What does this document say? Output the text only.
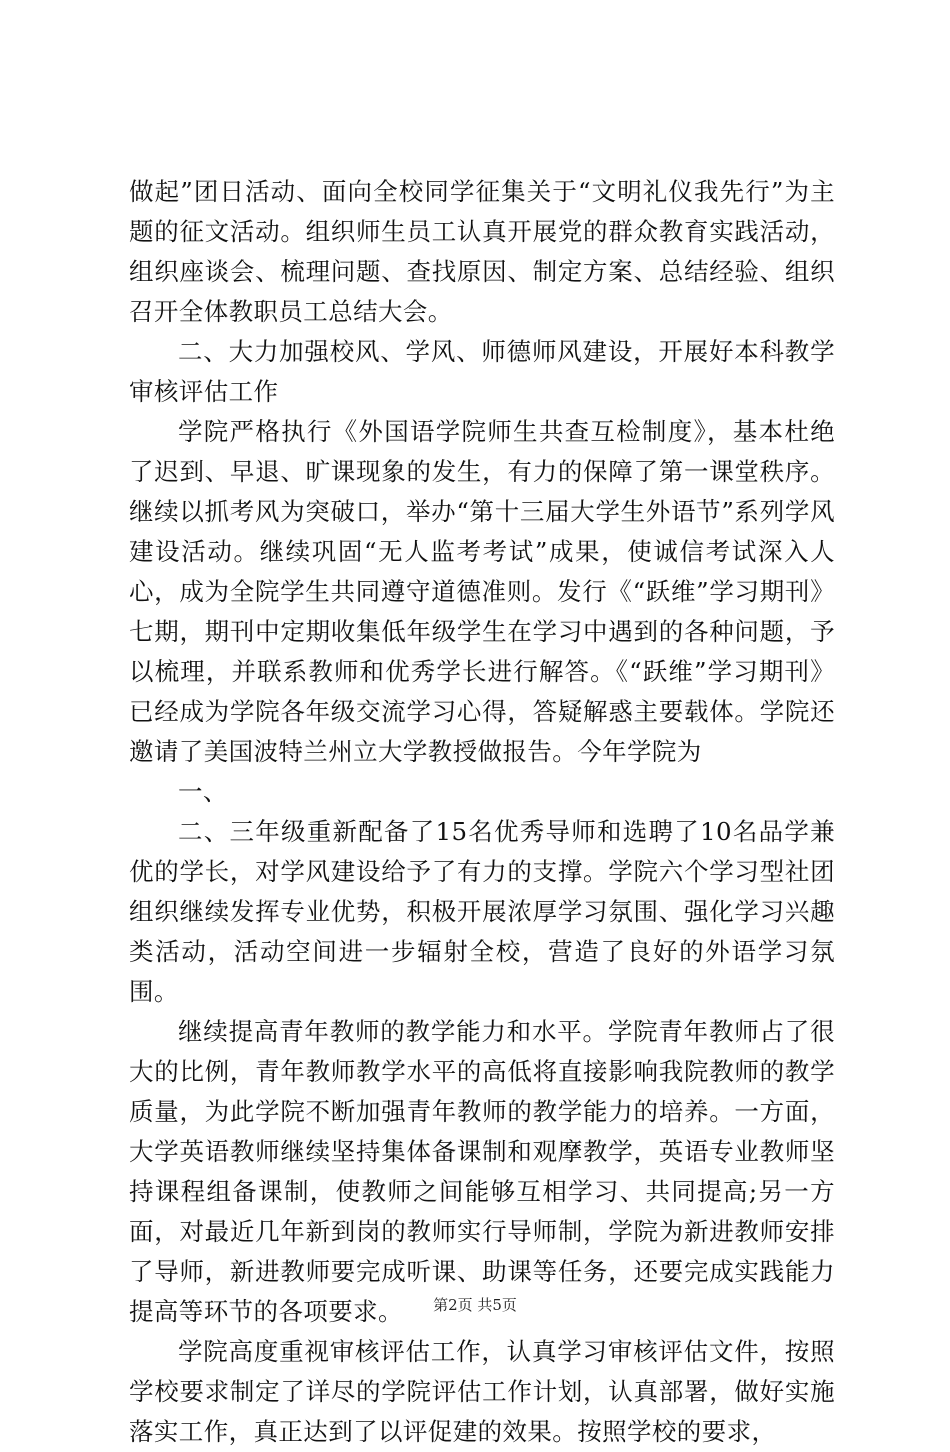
做起”团日活动、面向全校同学征集关于“文明礼仪我先行”为主题的征文活动。组织师生员工认真开展党的群众教育实践活动，组织座谈会、梳理问题、查找原因、制定方案、总结经验、组织召开全体教职员工总结大会。

二、大力加强校风、学风、师德师风建设，开展好本科教学审核评估工作

学院严格执行《外国语学院师生共查互检制度》，基本杜绝了迟到、早退、旷课现象的发生，有力的保障了第一课堂秩序。继续以抓考风为突破口，举办“第十三届大学生外语节”系列学风建设活动。继续巩固“无人监考考试”成果，使诚信考试深入人心，成为全院学生共同遵守道德准则。发行《“跃维”学习期刊》七期，期刊中定期收集低年级学生在学习中遇到的各种问题，予以梳理，并联系教师和优秀学长进行解答。《“跃维”学习期刊》已经成为学院各年级交流学习心得，答疑解惑主要载体。学院还邀请了美国波特兰州立大学教授做报告。今年学院为

一、

二、三年级重新配备了15名优秀导师和选聘了10名品学兼优的学长，对学风建设给予了有力的支撑。学院六个学习型社团组织继续发挥专业优势，积极开展浓厚学习氛围、强化学习兴趣类活动，活动空间进一步辐射全校，营造了良好的外语学习氛围。

继续提高青年教师的教学能力和水平。学院青年教师占了很大的比例，青年教师教学水平的高低将直接影响我院教师的教学质量，为此学院不断加强青年教师的教学能力的培养。一方面，大学英语教师继续坚持集体备课制和观摩教学，英语专业教师坚持课程组备课制，使教师之间能够互相学习、共同提高;另一方面，对最近几年新到岗的教师实行导师制，学院为新进教师安排了导师，新进教师要完成听课、助课等任务，还要完成实践能力提高等环节的各项要求。

学院高度重视审核评估工作，认真学习审核评估文件，按照学校要求制定了详尽的学院评估工作计划，认真部署，做好实施落实工作，真正达到了以评促建的效果。按照学校的要求，

第2页 共5页
